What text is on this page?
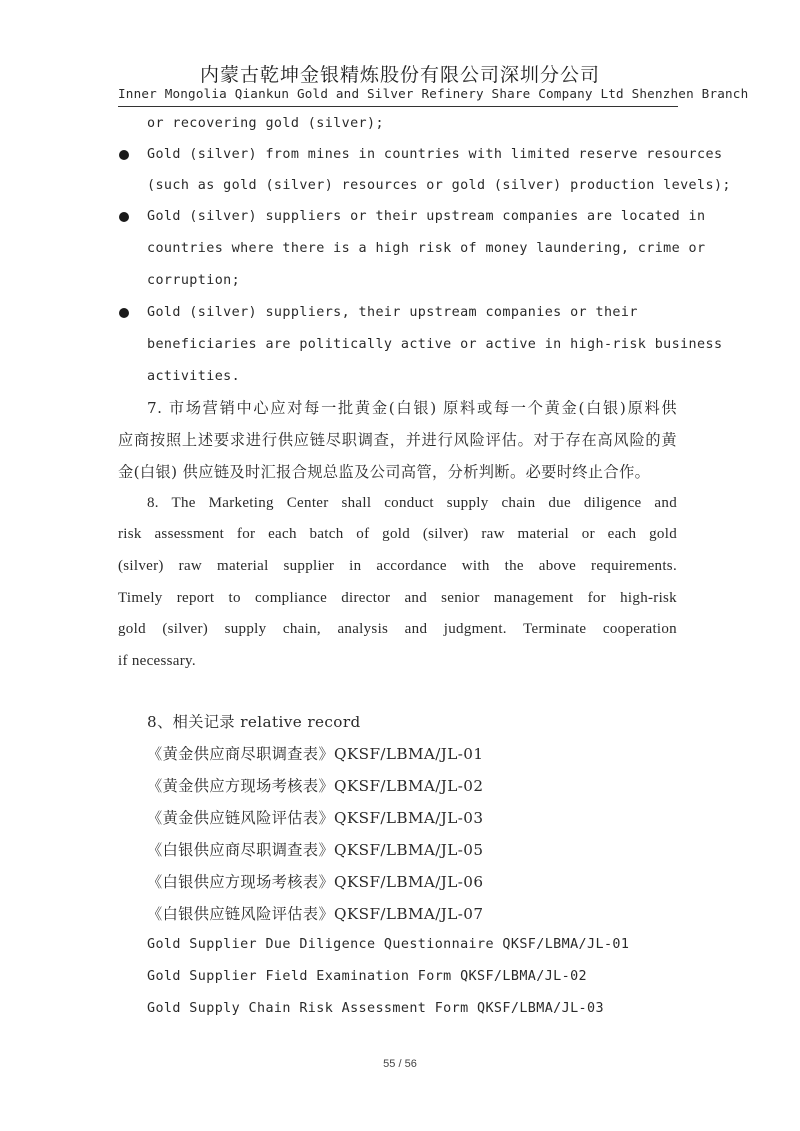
内蒙古乾坤金银精炼股份有限公司深圳分公司
Inner Mongolia Qiankun Gold and Silver Refinery Share Company Ltd Shenzhen Branch
or recovering gold (silver);
Gold (silver) from mines in countries with limited reserve resources
(such as gold (silver) resources or gold (silver) production levels);
Gold (silver) suppliers or their upstream companies are located in
countries where there is a high risk of money laundering, crime or
corruption;
Gold (silver) suppliers, their upstream companies or their
beneficiaries are politically active or active in high-risk business
activities.
7. 市场营销中心应对每一批黄金(白银) 原料或每一个黄金(白银)原料供
应商按照上述要求进行供应链尽职调查，并进行风险评估。对于存在高风险的黄
金(白银) 供应链及时汇报合规总监及公司高管，分析判断。必要时终止合作。
8. The Marketing Center shall conduct supply chain due diligence and
risk assessment for each batch of gold (silver) raw material or each gold
(silver) raw material supplier in accordance with the above requirements.
Timely report to compliance director and senior management for high-risk
gold (silver) supply chain, analysis and judgment. Terminate cooperation
if necessary.
8、相关记录 relative record
《黄金供应商尽职调查表》QKSF/LBMA/JL-01
《黄金供应方现场考核表》QKSF/LBMA/JL-02
《黄金供应链风险评估表》QKSF/LBMA/JL-03
《白银供应商尽职调查表》QKSF/LBMA/JL-05
《白银供应方现场考核表》QKSF/LBMA/JL-06
《白银供应链风险评估表》QKSF/LBMA/JL-07
Gold Supplier Due Diligence Questionnaire QKSF/LBMA/JL-01
Gold Supplier Field Examination Form QKSF/LBMA/JL-02
Gold Supply Chain Risk Assessment Form QKSF/LBMA/JL-03
55 / 56
